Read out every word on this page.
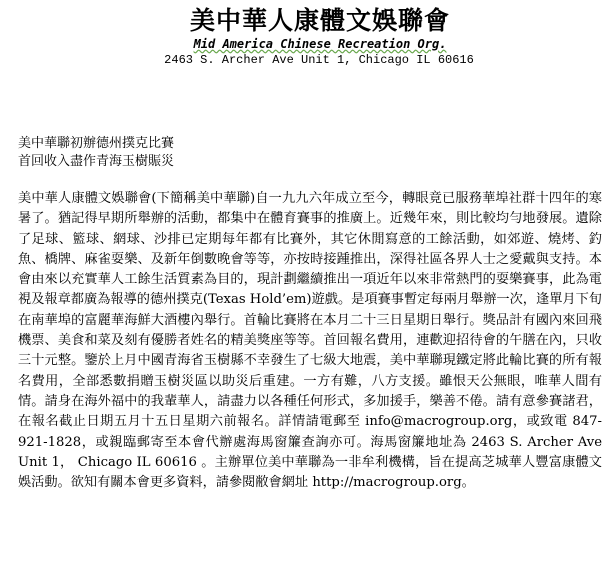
美中華人康體文娛聯會
Mid America Chinese Recreation Org.
2463 S. Archer Ave Unit 1, Chicago IL 60616
美中華聯初辦德州撲克比賽
首回收入盡作青海玉樹賑災

美中華人康體文娛聯會(下簡稱美中華聯)自一九九六年成立至今，轉眼竟已服務華埠社群十四年的寒暑了。猶記得早期所舉辦的活動，都集中在體育賽事的推廣上。近幾年來，則比較均勻地發展。遺除了足球、籃球、網球、沙排已定期每年都有比賽外，其它休閒寫意的工餘活動，如郊遊、燒烤、釣魚、橋牌、麻雀耍樂、及新年倒數晚會等等，亦按時接踵推出，深得社區各界人士之愛戴與支持。本會由來以充實華人工餘生活質素為目的，現計劃繼續推出一項近年以來非常熱門的耍樂賽事，此為電視及報章都廣為報導的德州撲克(Texas Hold’em)遊戲。是項賽事暫定每兩月舉辦一次，逢單月下旬在南華埠的富麗華海鮮大酒樓內舉行。首輪比賽將在本月二十三日星期日舉行。獎品計有國內來回飛機票、美食和菜及刻有優勝者姓名的精美獎座等等。首回報名費用，連歡迎招待會的午膳在內，只收三十元整。鑒於上月中國青海省玉樹縣不幸發生了七級大地震，美中華聯現鐵定將此輪比賽的所有報名費用，全部悉數捐贈玉樹災區以助災后重建。一方有難，八方支援。雖恨天公無眼，唯華人間有情。請身在海外福中的我輩華人，請盡力以各種任何形式，多加援手，樂善不倦。請有意參賽諸君，在報名截止日期五月十五日星期六前報名。詳情請電郵至 info@macrogroup.org，或致電 847-921-1828，或親臨郵寄至本會代辦處海馬窗簾查詢亦可。海馬窗簾地址為 2463 S. Archer Ave Unit 1， Chicago IL 60616 。主辦單位美中華聯為一非牟利機構，旨在提高芝城華人豐富康體文娛活動。欲知有關本會更多資料，請參閱敝會網址 http://macrogroup.org。
